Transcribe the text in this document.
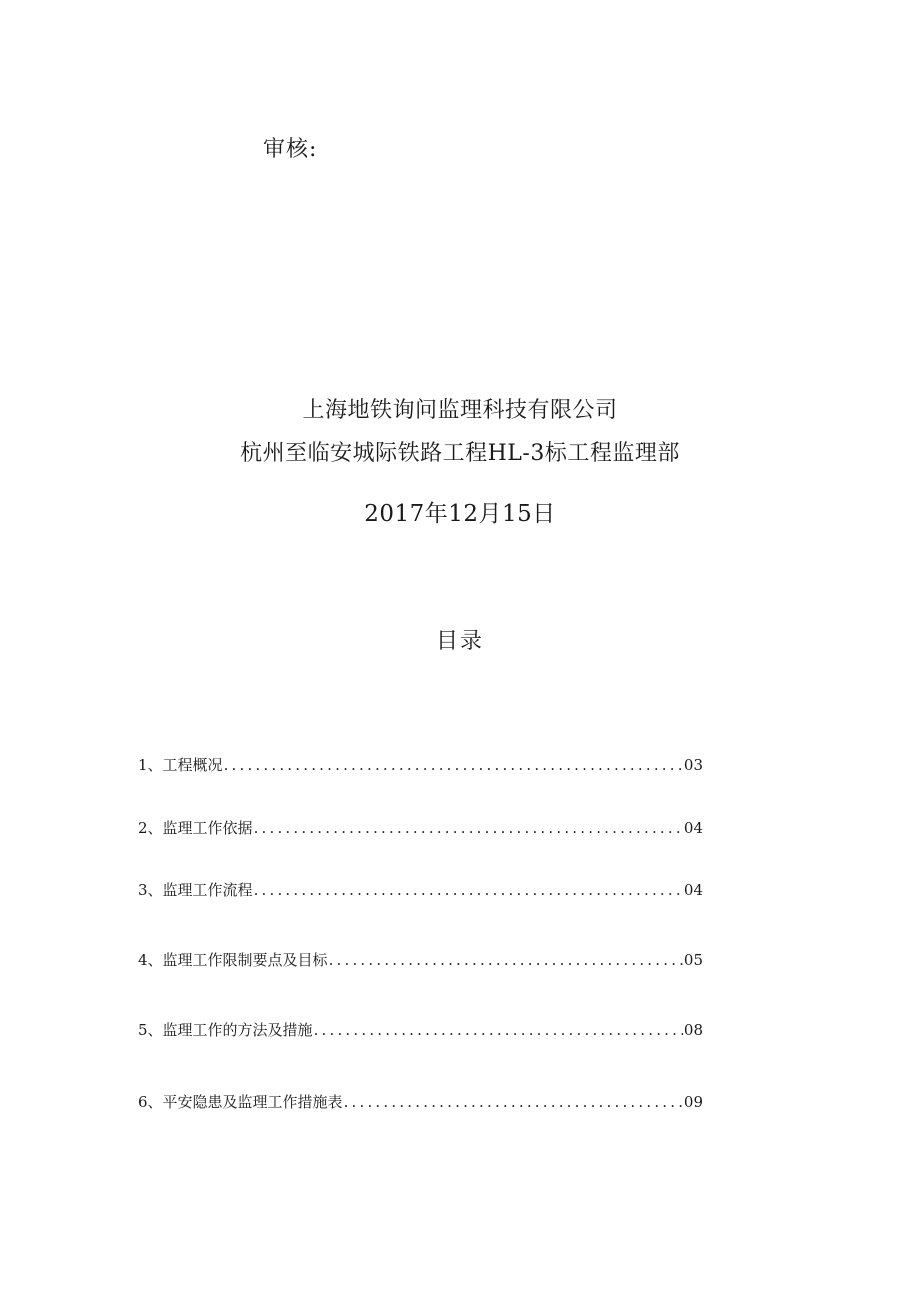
审核:
上海地铁询问监理科技有限公司
杭州至临安城际铁路工程HL-3标工程监理部
2017年12月15日
目录
1、 工程概况 .....	03
2、 监理工作依据 .....	04
3、 监理工作流程 .....	04
4、 监理工作限制要点及目标 .....	05
5、 监理工作的方法及措施 .....	08
6、 平安隐患及监理工作措施表 .....	09
